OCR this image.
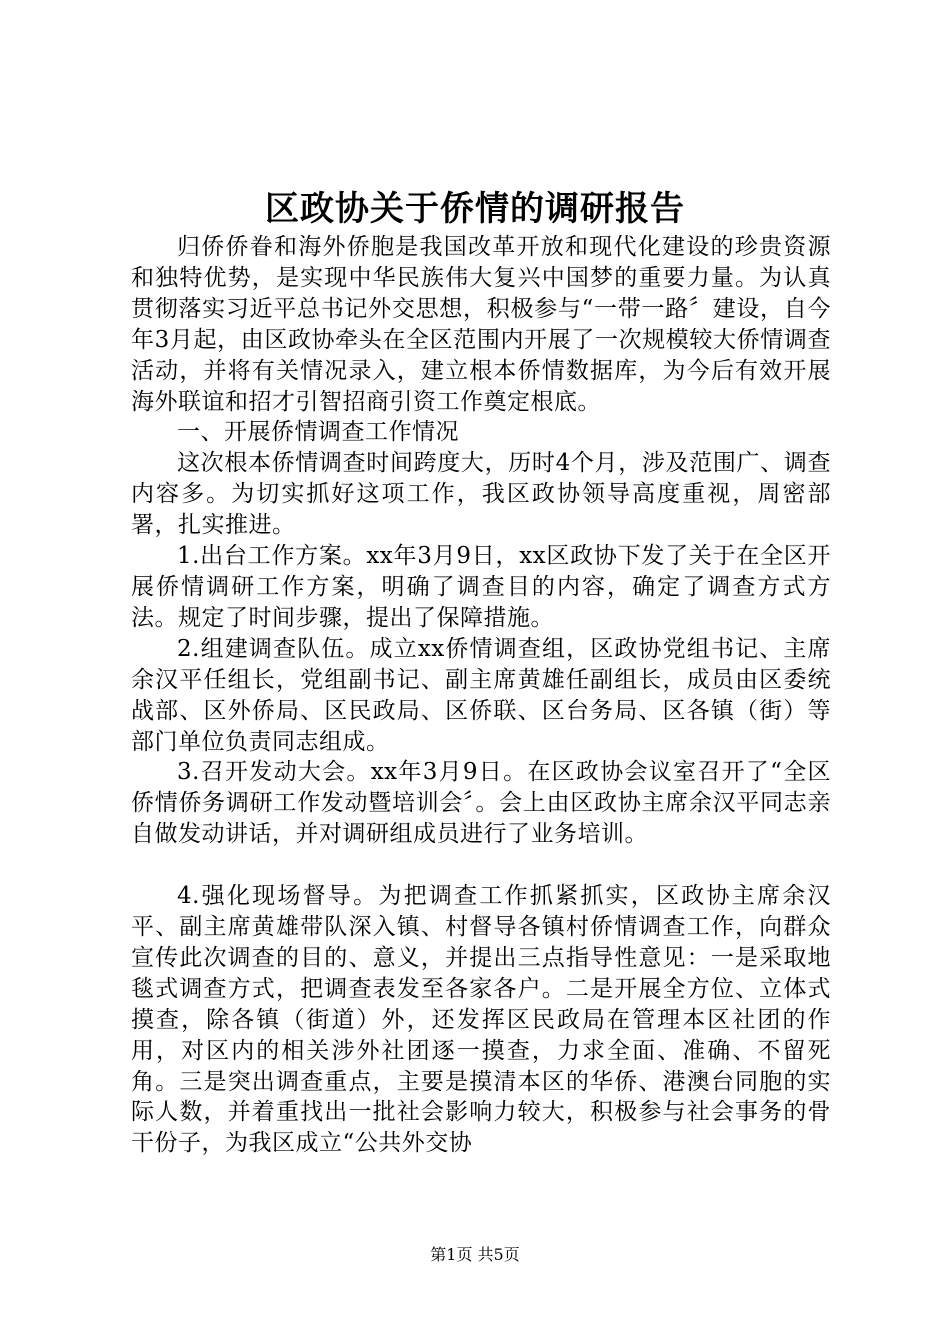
区政协关于侨情的调研报告

归侨侨眷和海外侨胞是我国改革开放和现代化建设的珍贵资源和独特优势，是实现中华民族伟大复兴中国梦的重要力量。为认真贯彻落实习近平总书记外交思想，积极参与“一带一路〞建设，自今年3月起，由区政协牵头在全区范围内开展了一次规模较大侨情调查活动，并将有关情况录入，建立根本侨情数据库，为今后有效开展海外联谊和招才引智招商引资工作奠定根底。

一、开展侨情调查工作情况

这次根本侨情调查时间跨度大，历时4个月，涉及范围广、调查内容多。为切实抓好这项工作，我区政协领导高度重视，周密部署，扎实推进。

1.出台工作方案。xx年3月9日，xx区政协下发了关于在全区开展侨情调研工作方案，明确了调查目的内容，确定了调查方式方法。规定了时间步骤，提出了保障措施。

2.组建调查队伍。成立xx侨情调查组，区政协党组书记、主席余汉平任组长，党组副书记、副主席黄雄任副组长，成员由区委统战部、区外侨局、区民政局、区侨联、区台务局、区各镇（街）等部门单位负责同志组成。

3.召开发动大会。xx年3月9日。在区政协会议室召开了“全区侨情侨务调研工作发动暨培训会〞。会上由区政协主席余汉平同志亲自做发动讲话，并对调研组成员进行了业务培训。

4.强化现场督导。为把调查工作抓紧抓实，区政协主席余汉平、副主席黄雄带队深入镇、村督导各镇村侨情调查工作，向群众宣传此次调查的目的、意义，并提出三点指导性意见：一是采取地毯式调查方式，把调查表发至各家各户。二是开展全方位、立体式摸查，除各镇（街道）外，还发挥区民政局在管理本区社团的作用，对区内的相关涉外社团逐一摸查，力求全面、准确、不留死角。三是突出调查重点，主要是摸清本区的华侨、港澳台同胞的实际人数，并着重找出一批社会影响力较大，积极参与社会事务的骨干份子，为我区成立“公共外交协

第1页 共5页
